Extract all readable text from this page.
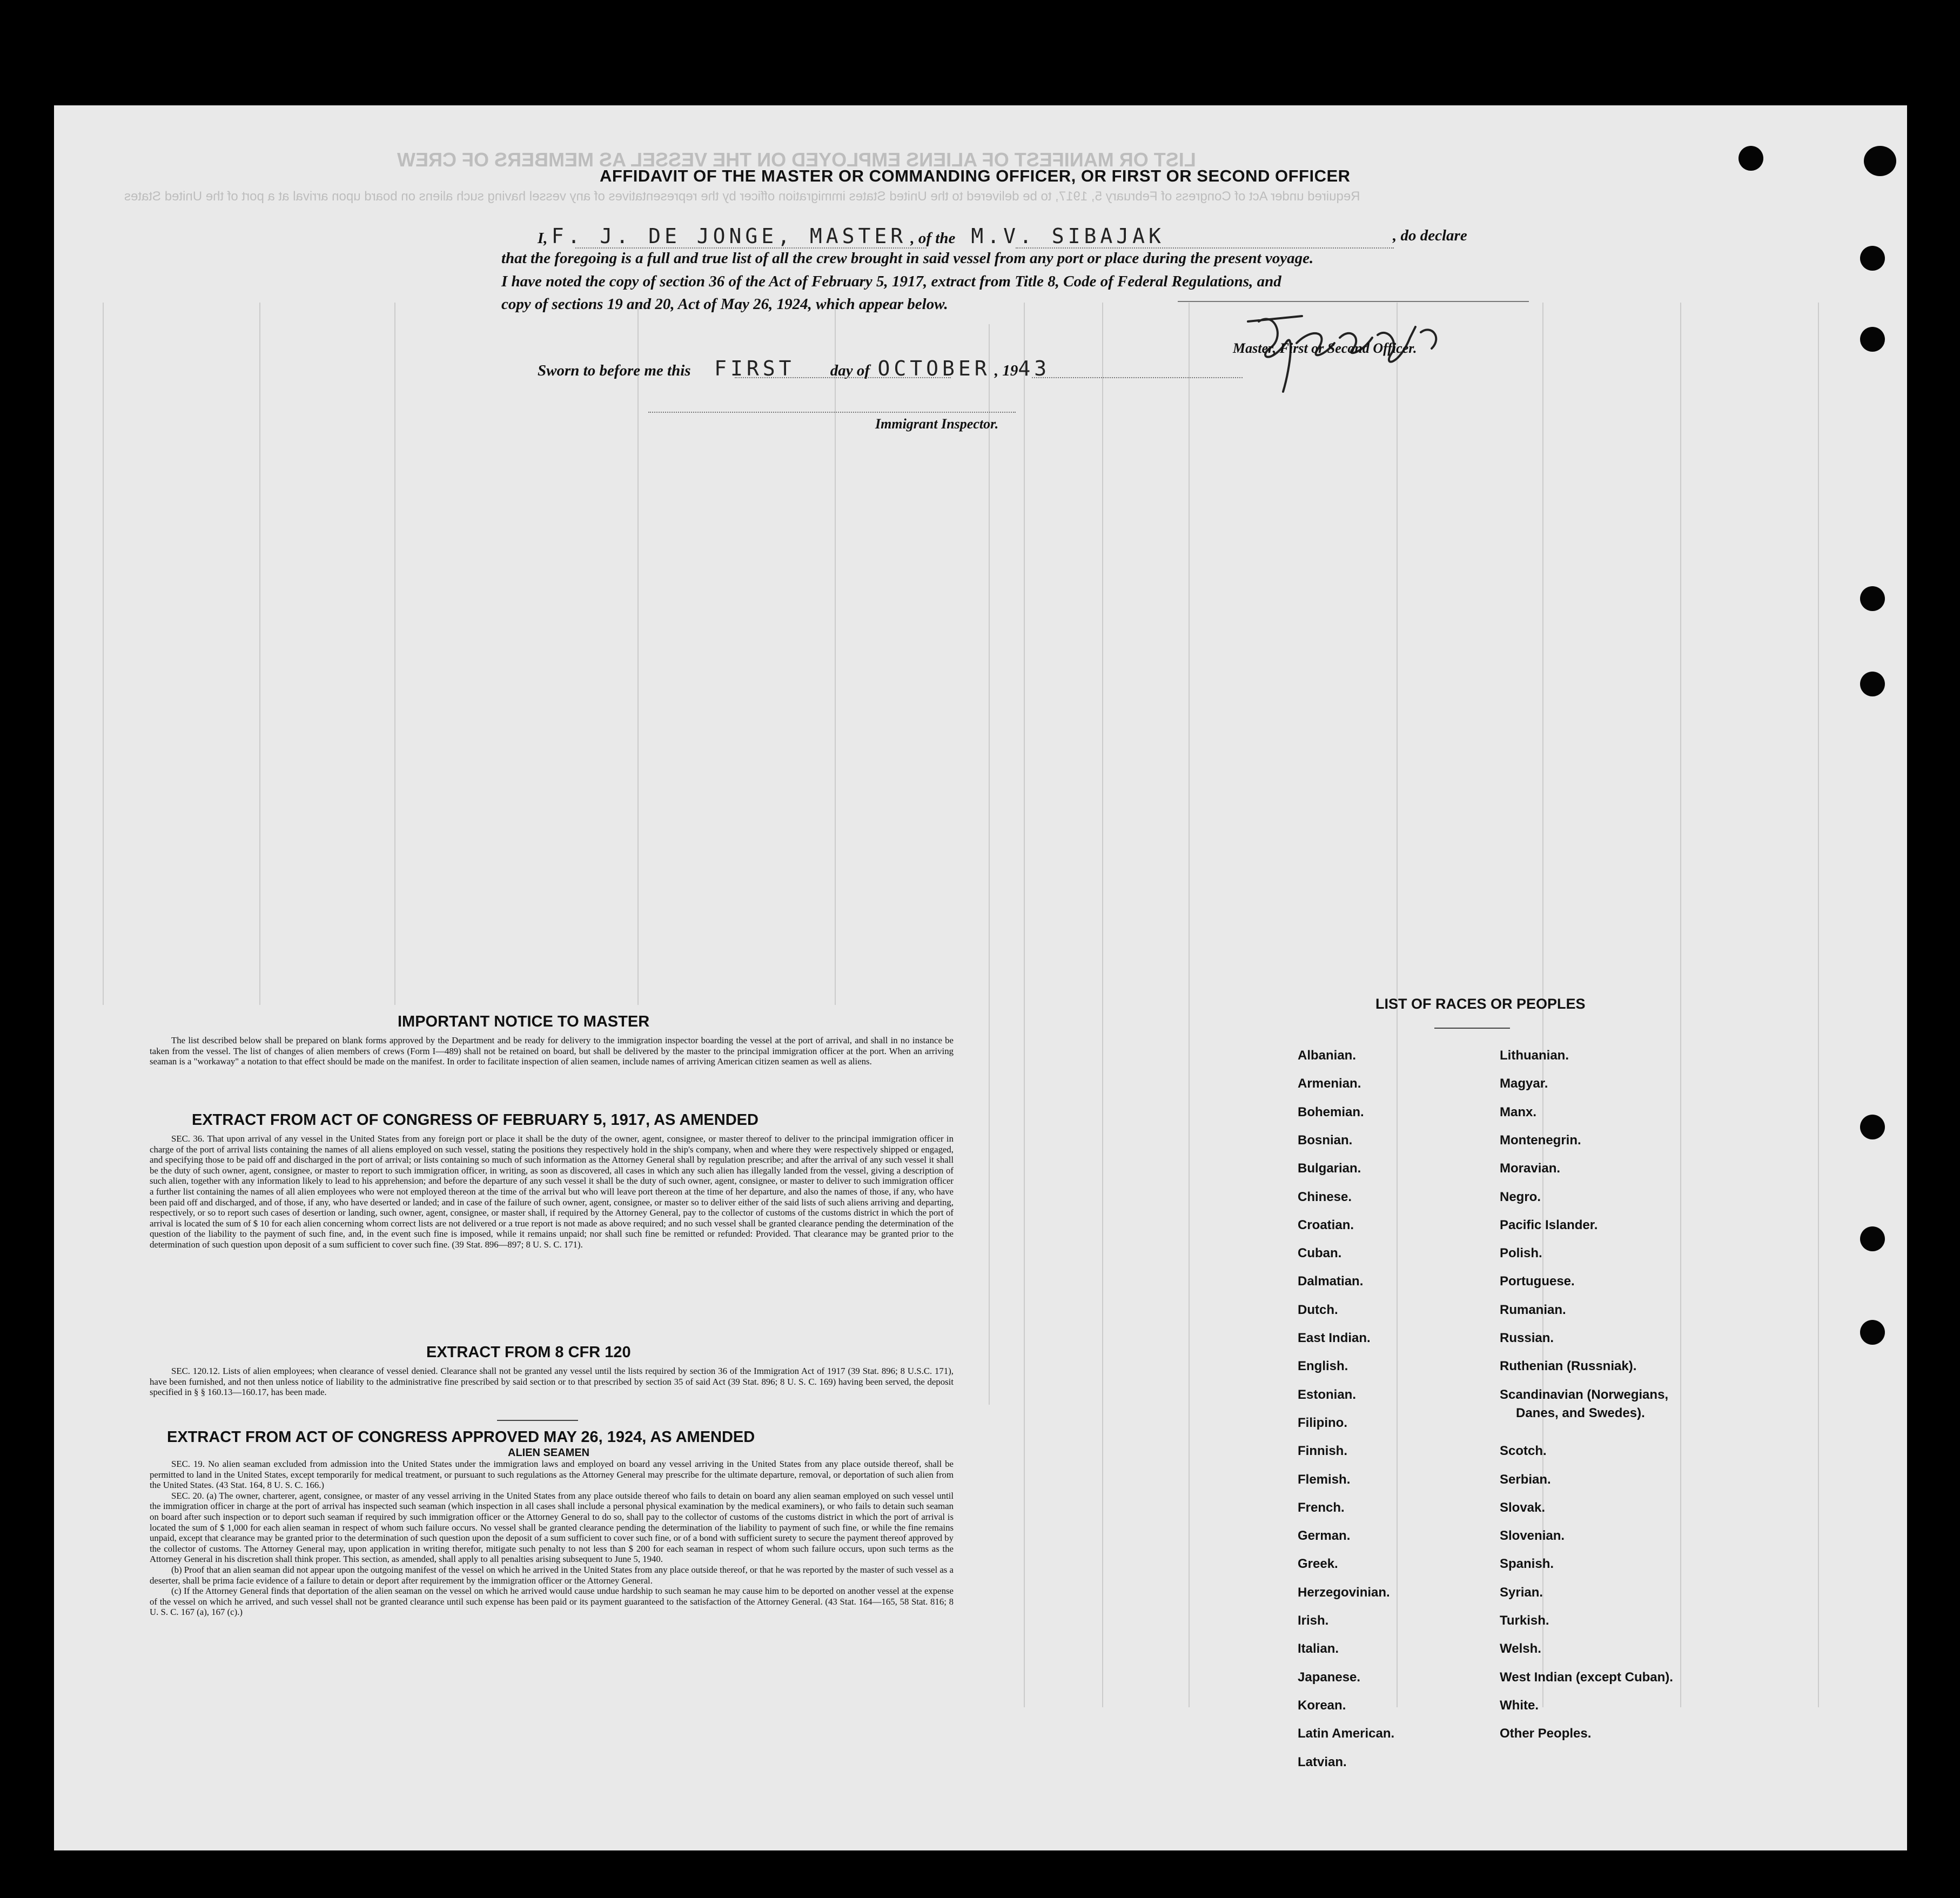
LIST OR MANIFEST OF ALIENS EMPLOYED ON THE VESSEL AS MEMBERS OF CREW
Required under Act of Congress of February 5, 1917, to be delivered to the United States immigration officer by the representatives of any vessel having such aliens on board upon arrival at a port of the United States
AFFIDAVIT OF THE MASTER OR COMMANDING OFFICER, OR FIRST OR SECOND OFFICER
I, F. J. DE JONGE, MASTER , of the M.V. SIBAJAK	, do declare
that the foregoing is a full and true list of all the crew brought in said vessel from any port or place during the present voyage.
I have noted the copy of section 36 of the Act of February 5, 1917, extract from Title 8, Code of Federal Regulations, and
copy of sections 19 and 20, Act of May 26, 1924, which appear below.
Master, First or Second Officer.
Sworn to before me this FIRST day of OCTOBER , 1943
Immigrant Inspector.
IMPORTANT NOTICE TO MASTER

The list described below shall be prepared on blank forms approved by the Department and be ready for delivery to the immigration inspector boarding the vessel at the port of arrival, and shall in no instance be taken from the vessel. The list of changes of alien members of crews (Form I—489) shall not be retained on board, but shall be delivered by the master to the principal immigration officer at the port. When an arriving seaman is a "workaway" a notation to that effect should be made on the manifest. In order to facilitate inspection of alien seamen, include names of arriving American citizen seamen as well as aliens.

EXTRACT FROM ACT OF CONGRESS OF FEBRUARY 5, 1917, AS AMENDED

SEC. 36. That upon arrival of any vessel in the United States from any foreign port or place it shall be the duty of the owner, agent, consignee, or master thereof to deliver to the principal immigration officer in charge of the port of arrival lists containing the names of all aliens employed on such vessel, stating the positions they respectively hold in the ship's company, when and where they were respectively shipped or engaged, and specifying those to be paid off and discharged in the port of arrival; or lists containing so much of such information as the Attorney General shall by regulation prescribe; and after the arrival of any such vessel it shall be the duty of such owner, agent, consignee, or master to report to such immigration officer, in writing, as soon as discovered, all cases in which any such alien has illegally landed from the vessel, giving a description of such alien, together with any information likely to lead to his apprehension; and before the departure of any such vessel it shall be the duty of such owner, agent, consignee, or master to deliver to such immigration officer a further list containing the names of all alien employees who were not employed thereon at the time of the arrival but who will leave port thereon at the time of her departure, and also the names of those, if any, who have been paid off and discharged, and of those, if any, who have deserted or landed; and in case of the failure of such owner, agent, consignee, or master so to deliver either of the said lists of such aliens arriving and departing, respectively, or so to report such cases of desertion or landing, such owner, agent, consignee, or master shall, if required by the Attorney General, pay to the collector of customs of the customs district in which the port of arrival is located the sum of $ 10 for each alien concerning whom correct lists are not delivered or a true report is not made as above required; and no such vessel shall be granted clearance pending the determination of the question of the liability to the payment of such fine, and, in the event such fine is imposed, while it remains unpaid; nor shall such fine be remitted or refunded: Provided. That clearance may be granted prior to the determination of such question upon deposit of a sum sufficient to cover such fine. (39 Stat. 896—897; 8 U. S. C. 171).

EXTRACT FROM 8 CFR 120

SEC. 120.12. Lists of alien employees; when clearance of vessel denied. Clearance shall not be granted any vessel until the lists required by section 36 of the Immigration Act of 1917 (39 Stat. 896; 8 U.S.C. 171), have been furnished, and not then unless notice of liability to the administrative fine prescribed by said section or to that prescribed by section 35 of said Act (39 Stat. 896; 8 U. S. C. 169) having been served, the deposit specified in § § 160.13—160.17, has been made.

EXTRACT FROM ACT OF CONGRESS APPROVED MAY 26, 1924, AS AMENDED
ALIEN SEAMEN

SEC. 19. No alien seaman excluded from admission into the United States under the immigration laws and employed on board any vessel arriving in the United States from any place outside thereof, shall be permitted to land in the United States, except temporarily for medical treatment, or pursuant to such regulations as the Attorney General may prescribe for the ultimate departure, removal, or deportation of such alien from the United States. (43 Stat. 164, 8 U. S. C. 166.)

SEC. 20. (a) The owner, charterer, agent, consignee, or master of any vessel arriving in the United States from any place outside thereof who fails to detain on board any alien seaman employed on such vessel until the immigration officer in charge at the port of arrival has inspected such seaman (which inspection in all cases shall include a personal physical examination by the medical examiners), or who fails to detain such seaman on board after such inspection or to deport such seaman if required by such immigration officer or the Attorney General to do so, shall pay to the collector of customs of the customs district in which the port of arrival is located the sum of $ 1,000 for each alien seaman in respect of whom such failure occurs. No vessel shall be granted clearance pending the determination of the liability to payment of such fine, or while the fine remains unpaid, except that clearance may be granted prior to the determination of such question upon the deposit of a sum sufficient to cover such fine, or of a bond with sufficient surety to secure the payment thereof approved by the collector of customs. The Attorney General may, upon application in writing therefor, mitigate such penalty to not less than $ 200 for each seaman in respect of whom such failure occurs, upon such terms as the Attorney General in his discretion shall think proper. This section, as amended, shall apply to all penalties arising subsequent to June 5, 1940.

(b) Proof that an alien seaman did not appear upon the outgoing manifest of the vessel on which he arrived in the United States from any place outside thereof, or that he was reported by the master of such vessel as a deserter, shall be prima facie evidence of a failure to detain or deport after requirement by the immigration officer or the Attorney General.

(c) If the Attorney General finds that deportation of the alien seaman on the vessel on which he arrived would cause undue hardship to such seaman he may cause him to be deported on another vessel at the expense of the vessel on which he arrived, and such vessel shall not be granted clearance until such expense has been paid or its payment guaranteed to the satisfaction of the Attorney General. (43 Stat. 164—165, 58 Stat. 816; 8 U. S. C. 167 (a), 167 (c).)

LIST OF RACES OR PEOPLES
Albanian.
Armenian.
Bohemian.
Bosnian.
Bulgarian.
Chinese.
Croatian.
Cuban.
Dalmatian.
Dutch.
East Indian.
English.
Estonian.
Filipino.
Finnish.
Flemish.
French.
German.
Greek.
Herzegovinian.
Irish.
Italian.
Japanese.
Korean.
Latin American.
Latvian.
Lithuanian.
Magyar.
Manx.
Montenegrin.
Moravian.
Negro.
Pacific Islander.
Polish.
Portuguese.
Rumanian.
Russian.
Ruthenian (Russniak).
Scandinavian (Norwegians,
Danes, and Swedes).
Scotch.
Serbian.
Slovak.
Slovenian.
Spanish.
Syrian.
Turkish.
Welsh.
West Indian (except Cuban).
White.
Other Peoples.
